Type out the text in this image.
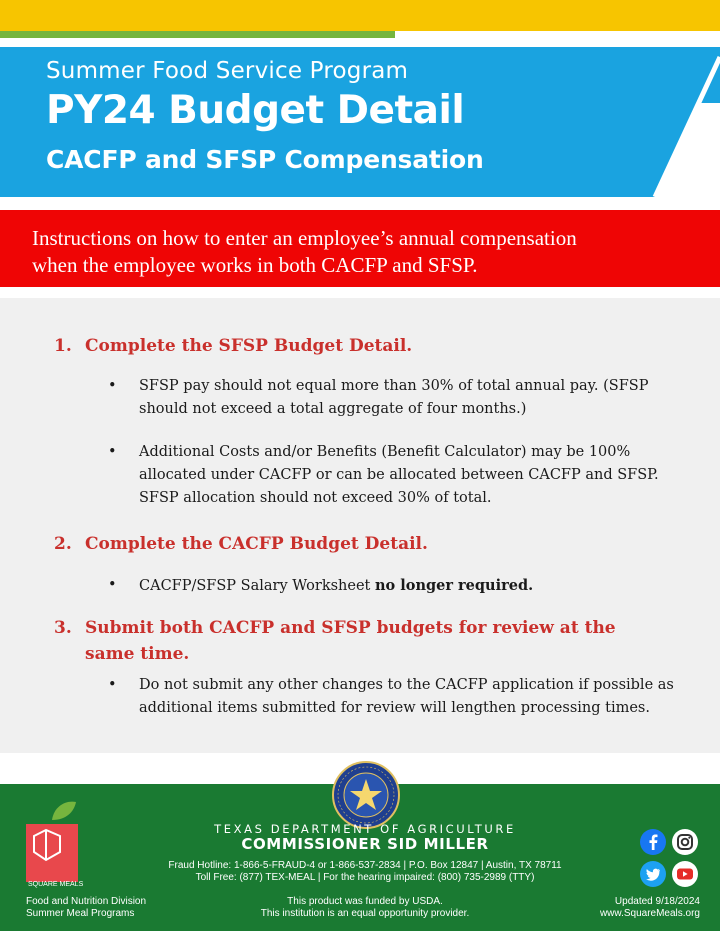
Summer Food Service Program
PY24 Budget Detail
CACFP and SFSP Compensation
Instructions on how to enter an employee’s annual compensation
when the employee works in both CACFP and SFSP.
1. Complete the SFSP Budget Detail.
• SFSP pay should not equal more than 30% of total annual pay. (SFSP
should not exceed a total aggregate of four months.)
• Additional Costs and/or Benefits (Benefit Calculator) may be 100%
allocated under CACFP or can be allocated between CACFP and SFSP.
SFSP allocation should not exceed 30% of total.
2. Complete the CACFP Budget Detail.
• CACFP/SFSP Salary Worksheet no longer required.
3. Submit both CACFP and SFSP budgets for review at the
same time.
• Do not submit any other changes to the CACFP application if possible as
additional items submitted for review will lengthen processing times.
TEXAS DEPARTMENT OF AGRICULTURE
COMMISSIONER SID MILLER
Fraud Hotline: 1-866-5-FRAUD-4 or 1-866-537-2834 | P.O. Box 12847 | Austin, TX 78711
Toll Free: (877) TEX-MEAL | For the hearing impaired: (800) 735-2989 (TTY)
Food and Nutrition Division
Summer Meal Programs
This product was funded by USDA.
This institution is an equal opportunity provider.
Updated 9/18/2024
www.SquareMeals.org
SQUARE MEALS
